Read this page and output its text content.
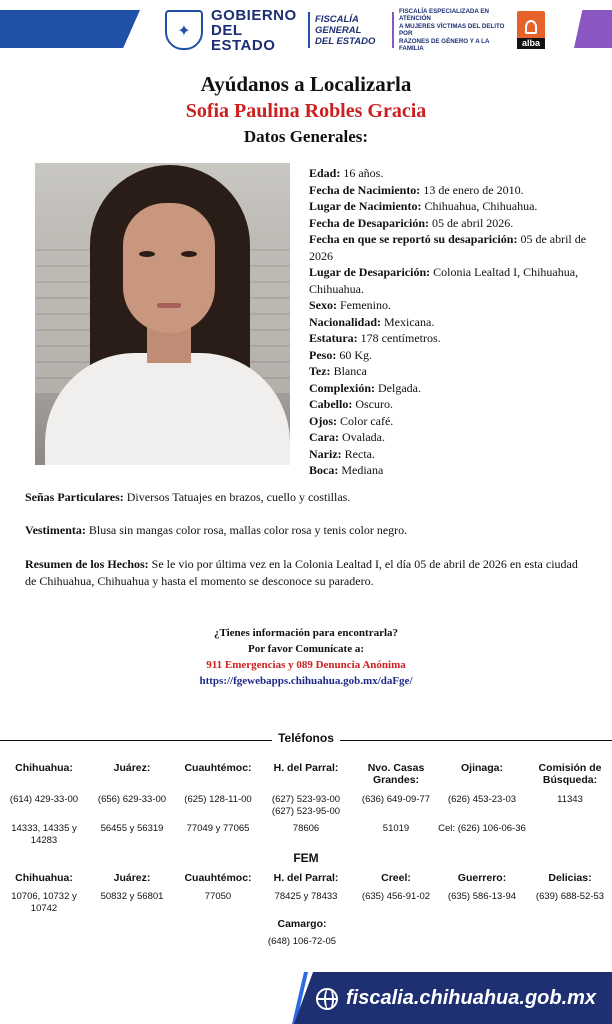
✦
GOBIERNO
DEL ESTADO
FISCALÍA GENERAL
DEL ESTADO
FISCALÍA ESPECIALIZADA EN ATENCIÓN
A MUJERES VÍCTIMAS DEL DELITO POR
RAZONES DE GÉNERO Y A LA FAMILIA
alba
Ayúdanos a Localizarla
Sofia Paulina Robles Gracia
Datos Generales:
Edad: 16 años.
Fecha de Nacimiento: 13 de enero de 2010.
Lugar de Nacimiento: Chihuahua, Chihuahua.
Fecha de Desaparición: 05 de abril 2026.
Fecha en que se reportó su desaparición: 05 de abril de 2026
Lugar de Desaparición: Colonia Lealtad I, Chihuahua, Chihuahua.
Sexo: Femenino.
Nacionalidad: Mexicana.
Estatura: 178 centímetros.
Peso: 60 Kg.
Tez: Blanca
Complexión: Delgada.
Cabello: Oscuro.
Ojos: Color café.
Cara: Ovalada.
Nariz: Recta.
Boca: Mediana
Señas Particulares: Diversos Tatuajes en brazos, cuello y costillas.
Vestimenta: Blusa sin mangas color rosa, mallas color rosa y tenis color negro.
Resumen de los Hechos: Se le vio por última vez en la Colonia Lealtad I, el día 05 de abril de 2026 en esta ciudad de Chihuahua, Chihuahua y hasta el momento se desconoce su paradero.
¿Tienes información para encontrarla?
Por favor Comunícate a:
911 Emergencias y 089 Denuncia Anónima
https://fgewebapps.chihuahua.gob.mx/daFge/
Teléfonos
Chihuahua:
(614) 429-33-00
14333, 14335 y 14283
Juárez:
(656) 629-33-00
56455 y 56319
Cuauhtémoc:
(625) 128-11-00
77049 y 77065
H. del Parral:
(627) 523-93-00 (627) 523-95-00
78606
Nvo. Casas Grandes:
(636) 649-09-77
51019
Ojinaga:
(626) 453-23-03
Cel: (626) 106-06-36
Comisión de Búsqueda:
11343
FEM
Chihuahua:
10706, 10732 y 10742
Juárez:
50832 y 56801
Cuauhtémoc:
77050
H. del Parral:
78425 y 78433
Creel:
(635) 456-91-02
Guerrero:
(635) 586-13-94
Delicias:
(639) 688-52-53
Camargo:
(648) 106-72-05
fiscalia.chihuahua.gob.mx
